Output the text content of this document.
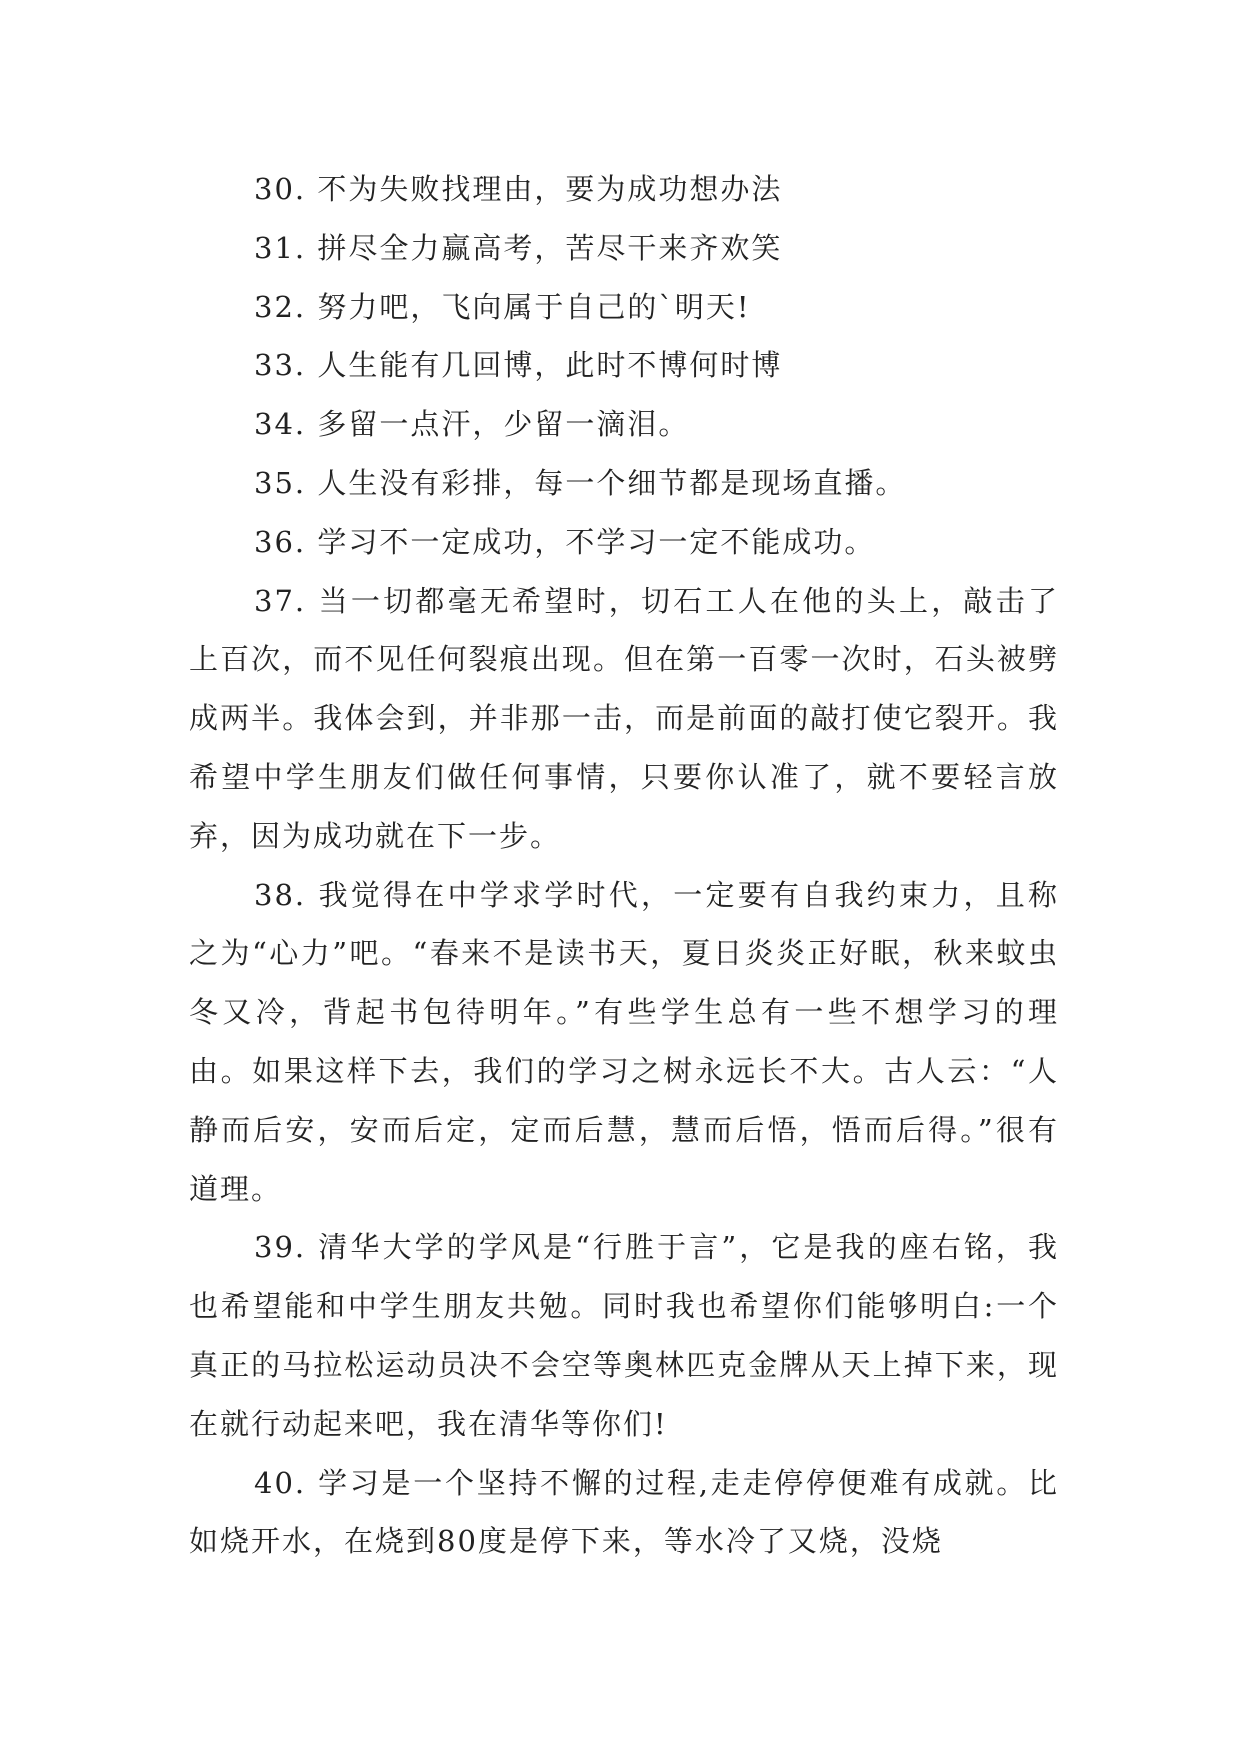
30. 不为失败找理由，要为成功想办法
31. 拼尽全力赢高考，苦尽干来齐欢笑
32. 努力吧，飞向属于自己的`明天!
33. 人生能有几回博，此时不博何时博
34. 多留一点汗，少留一滴泪。
35. 人生没有彩排，每一个细节都是现场直播。
36. 学习不一定成功，不学习一定不能成功。

37. 当一切都毫无希望时，切石工人在他的头上，敲击了上百次，而不见任何裂痕出现。但在第一百零一次时，石头被劈成两半。我体会到，并非那一击，而是前面的敲打使它裂开。我希望中学生朋友们做任何事情，只要你认准了，就不要轻言放弃，因为成功就在下一步。

38. 我觉得在中学求学时代，一定要有自我约束力，且称之为“心力”吧。“春来不是读书天，夏日炎炎正好眠，秋来蚊虫冬又冷，背起书包待明年。”有些学生总有一些不想学习的理由。如果这样下去，我们的学习之树永远长不大。古人云：“人静而后安，安而后定，定而后慧，慧而后悟，悟而后得。”很有道理。

39. 清华大学的学风是“行胜于言”，它是我的座右铭，我也希望能和中学生朋友共勉。同时我也希望你们能够明白:一个真正的马拉松运动员决不会空等奥林匹克金牌从天上掉下来，现在就行动起来吧，我在清华等你们!

40. 学习是一个坚持不懈的过程,走走停停便难有成就。比如烧开水，在烧到80度是停下来，等水冷了又烧，没烧
